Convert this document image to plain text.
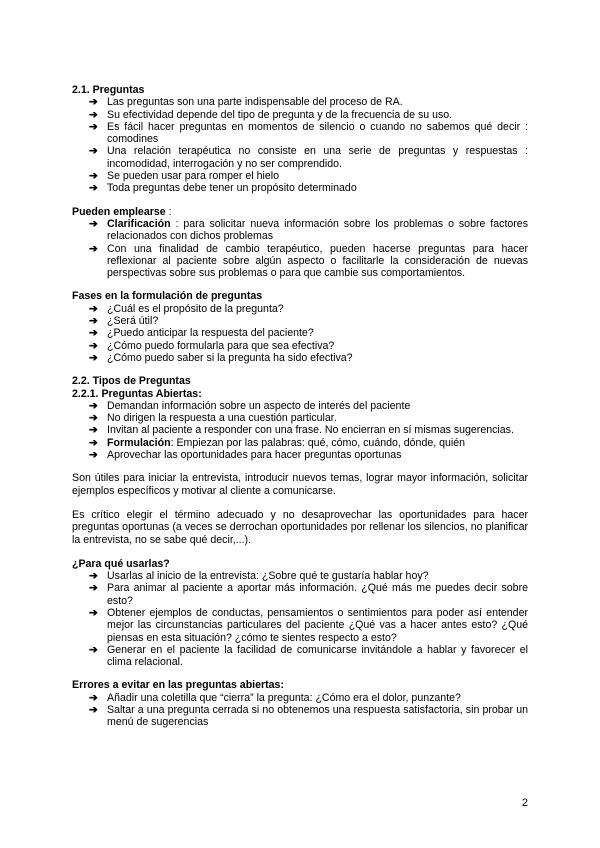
2.1. Preguntas
➔ Las preguntas son una parte indispensable del proceso de RA.
➔ Su efectividad depende del tipo de pregunta y de la frecuencia de su uso.
➔ Es fácil hacer preguntas en momentos de silencio o cuando no sabemos qué decir : comodines
➔ Una relación terapéutica no consiste en una serie de preguntas y respuestas : incomodidad, interrogación y no ser comprendido.
➔ Se pueden usar para romper el hielo
➔ Toda preguntas debe tener un propósito determinado
Pueden emplearse :
➔ Clarificación : para solicitar nueva información sobre los problemas o sobre factores relacionados con dichos problemas
➔ Con una finalidad de cambio terapéutico, pueden hacerse preguntas para hacer reflexionar al paciente sobre algún aspecto o facilitarle la consideración de nuevas perspectivas sobre sus problemas o para que cambie sus comportamientos.
Fases en la formulación de preguntas
➔ ¿Cuál es el propósito de la pregunta?
➔ ¿Será útil?
➔ ¿Puedo anticipar la respuesta del paciente?
➔ ¿Cómo puedo formularla para que sea efectiva?
➔ ¿Cómo puedo saber si la pregunta ha sido efectiva?
2.2. Tipos de Preguntas
2.2.1. Preguntas Abiertas:
➔ Demandan información sobre un aspecto de interés del paciente
➔ No dirigen la respuesta a una cuestión particular.
➔ Invitan al paciente a responder con una frase. No encierran en sí mismas sugerencias.
➔ Formulación: Empiezan por las palabras: qué, cómo, cuándo, dónde, quién
➔ Aprovechar las oportunidades para hacer preguntas oportunas

Son útiles para iniciar la entrevista, introducir nuevos temas, lograr mayor información, solicitar ejemplos específicos y motivar al cliente a comunicarse.

Es crítico elegir el término adecuado y no desaprovechar las oportunidades para hacer preguntas oportunas (a veces se derrochan oportunidades por rellenar los silencios, no planificar la entrevista, no se sabe qué decir,...).

¿Para qué usarlas?
➔ Usarlas al inicio de la entrevista: ¿Sobre qué te gustaría hablar hoy?
➔ Para animar al paciente a aportar más información. ¿Qué más me puedes decir sobre esto?
➔ Obtener ejemplos de conductas, pensamientos o sentimientos para poder así entender mejor las circunstancias particulares del paciente ¿Qué vas a hacer antes esto? ¿Qué piensas en esta situación? ¿cómo te sientes respecto a esto?
➔ Generar en el paciente la facilidad de comunicarse invitándole a hablar y favorecer el clima relacional.
Errores a evitar en las preguntas abiertas:
➔ Añadir una coletilla que “cierra” la pregunta: ¿Cómo era el dolor, punzante?
➔ Saltar a una pregunta cerrada si no obtenemos una respuesta satisfactoria, sin probar un menú de sugerencias
2
